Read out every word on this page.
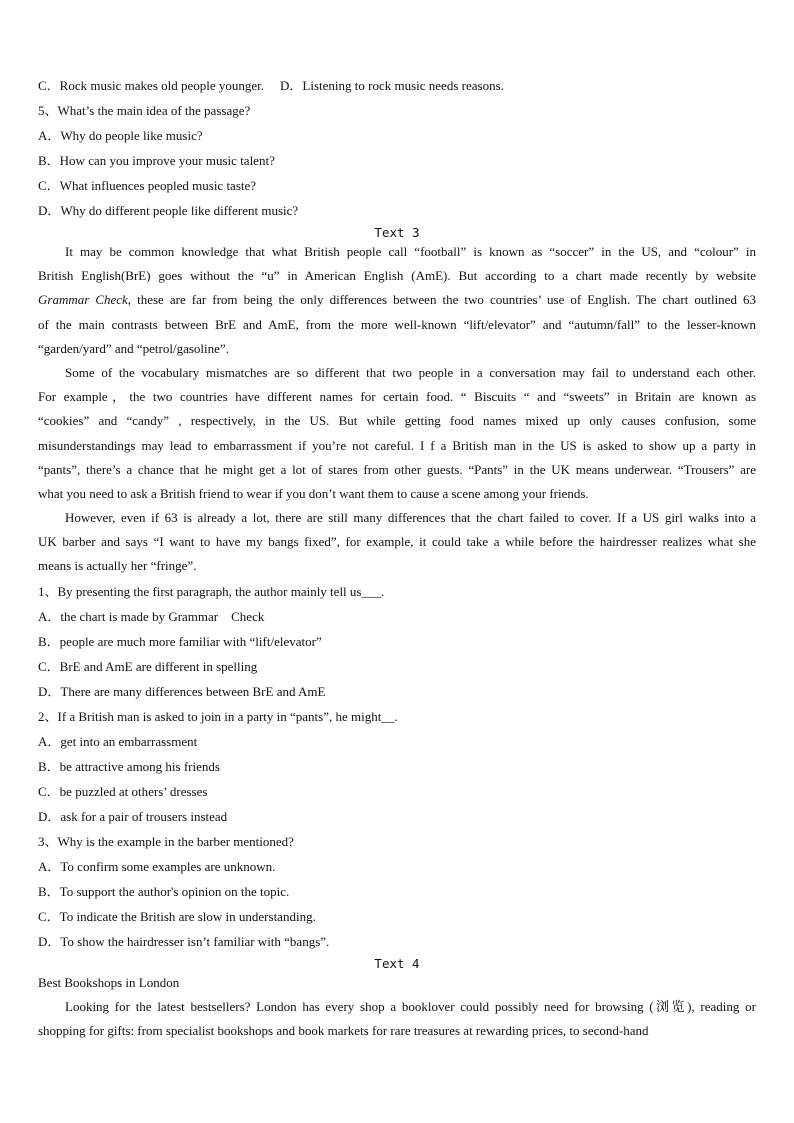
C．Rock music makes old people younger. D．Listening to rock music needs reasons.
5、What’s the main idea of the passage?
A．Why do people like music?
B．How can you improve your music talent?
C．What influences peopled music taste?
D．Why do different people like different music?
Text 3
It may be common knowledge that what British people call “football” is known as “soccer” in the US, and “colour” in
British English(BrE) goes without the “u” in American English (AmE). But according to a chart made recently by website
Grammar Check, these are far from being the only differences between the two countries’ use of English. The chart outlined 63
of the main contrasts between BrE and AmE, from the more well-known “lift/elevator” and “autumn/fall” to the lesser-known
“garden/yard” and “petrol/gasoline”.
Some of the vocabulary mismatches are so different that two people in a conversation may fail to understand each other.
For example，the two countries have different names for certain food. “ Biscuits “ and “sweets” in Britain are known as
“cookies” and “candy” , respectively, in the US. But while getting food names mixed up only causes confusion, some
misunderstandings may lead to embarrassment if you’re not careful. I f a British man in the US is asked to show up a party in
“pants”, there’s a chance that he might get a lot of stares from other guests. “Pants” in the UK means underwear. “Trousers” are
what you need to ask a British friend to wear if you don’t want them to cause a scene among your friends.
However, even if 63 is already a lot, there are still many differences that the chart failed to cover. If a US girl walks into a
UK barber and says “I want to have my bangs fixed”, for example, it could take a while before the hairdresser realizes what she
means is actually her “fringe”.
1、By presenting the first paragraph, the author mainly tell us___.
A．the chart is made by Grammar    Check
B．people are much more familiar with “lift/elevator”
C．BrE and AmE are different in spelling
D．There are many differences between BrE and AmE
2、If a British man is asked to join in a party in “pants”, he might__.
A．get into an embarrassment
B．be attractive among his friends
C．be puzzled at others’ dresses
D．ask for a pair of trousers instead
3、Why is the example in the barber mentioned?
A．To confirm some examples are unknown.
B．To support the author's opinion on the topic.
C．To indicate the British are slow in understanding.
D．To show the hairdresser isn’t familiar with “bangs”.
Text 4
Best Bookshops in London
Looking for the latest bestsellers? London has every shop a booklover could possibly need for browsing (浏览), reading or
shopping for gifts: from specialist bookshops and book markets for rare treasures at rewarding prices, to second-hand
